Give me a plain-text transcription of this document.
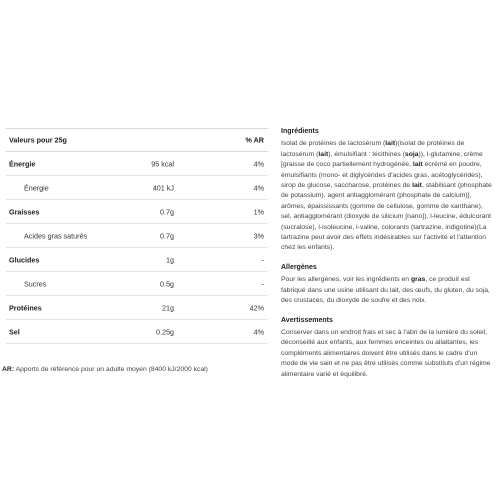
Valeurs pour 25g	% AR
Énergie	95 kcal	4%
Énergie	401 kJ	4%
Graisses	0.7g	1%
Acides gras saturés	0.7g	3%
Glucides	1g	-
Sucres	0.5g	-
Protéines	21g	42%
Sel	0.25g	4%
AR: Apports de référence pour un adulte moyen (8400 kJ/2000 kcal)
Ingrédients

Isolat de protéines de lactosérum (lait)(isolat de protéines de lactosérum (lait), émulsifiant : lécithines (soja)), l-glutamine, crème [graisse de coco partiellement hydrogénée, lait écrémé en poudre, émulsifiants (mono- et diglycérides d'acides gras, acétoglycérides), sirop de glucose, saccharose, protéines de lait, stabilisant (phosphate de potassium), agent antiagglomérant (phosphate de calcium)], arômes, épaississants (gomme de cellulose, gomme de xanthane), sel, antiagglomérant (dioxyde de silicium [nano]), l-leucine, édulcorant (sucralose), l-isoleucine, l-valine, colorants (tartrazine, indigotine)(La tartrazine peut avoir des effets indésirables sur l'activité et l'attention chez les enfants).

Allergènes

Pour les allergènes, voir les ingrédients en gras, ce produit est fabriqué dans une usine utilisant du lait, des œufs, du gluten, du soja, des crustacés, du dioxyde de soufre et des noix.

Avertissements

Conserver dans un endroit frais et sec à l'abri de la lumière du soleil, déconseillé aux enfants, aux femmes enceintes ou allaitantes, les compléments alimentaires doivent être utilisés dans le cadre d'un mode de vie sain et ne pas être utilisés comme substituts d'un régime alimentaire varié et équilibré.
